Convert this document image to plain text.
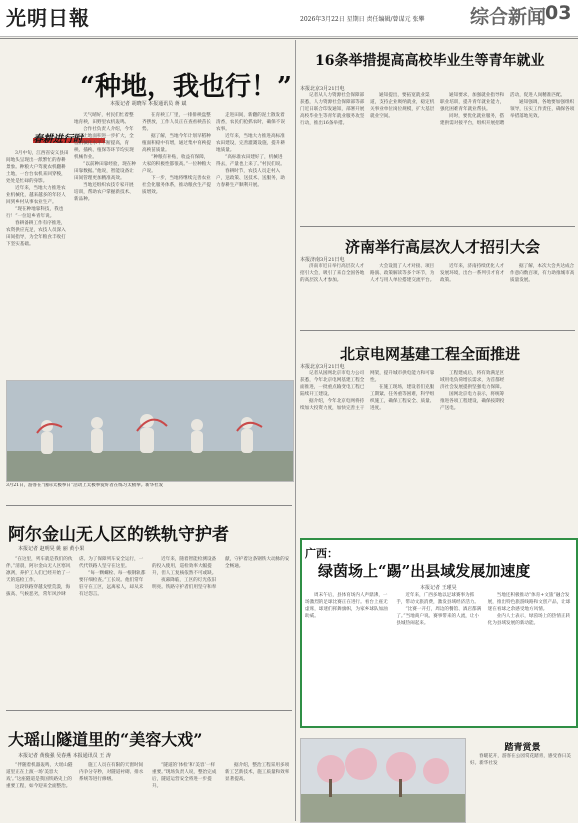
光明日報	2026年3月22日 星期日 责任编辑/曾谋元 张攀 综合新闻
03
“种地，我也行！”
本报记者 胡晓军 本报通讯员 蒋 斌
春耕进行时

3月中旬，江西省安义县田间地头呈现出一派繁忙的春耕景象。种粮大户驾驶农机翻耕土地，一台台农机来回穿梭，处处是忙碌的身影。

近年来，当地大力推进农业机械化，越来越多的年轻人回到乡村从事农业生产。

“现在种地靠科技，我也行！”一位返乡青年说。

春耕备耕工作有序推进，农资供应充足，农技人员深入田间指导，为全年粮食丰收打下坚实基础。

天气晴好，村民们忙着整地育秧，田野里农机轰鸣。

合作社负责人介绍，今年流转土地面积进一步扩大，全程机械化水平不断提高，育秧、插秧、植保等环节均实现机械作业。

“以前种田靠经验，现在种田靠数据。”他说，智能设备让田间管理更加精准高效。

当地还组织农技专家开展培训，帮助农户掌握新技术、新品种。

在育秧工厂里，一排排秧盘整齐摆放，工作人员正在查看秧苗长势。

据了解，当地今年计划早稻种植面积稳中有增，通过集中育秧提高秧苗质量。

“种粮有补贴，收益有保障，大家的积极性都很高。”一位种粮大户说。

下一步，当地将继续完善农业社会化服务体系，推动粮食生产提质增效。

走进田间，新翻的泥土散发着清香，农民们抢抓农时，确保不误农事。

近年来，当地大力推进高标准农田建设，完善灌溉设施，提升耕地质量。

“高标准农田建好了，机械进得去，产量也上来了。”村民们说。

春耕时节，农技人员走村入户，送政策、送技术、送服务，助力春耕生产顺利开展。

3月21日，游客在“国际太极拳日”活动上太极拳爱好者在练习太极拳。新华社发
阿尔金山无人区的铁轨守护者
本报记者 赵明昊 姚 丽 黄小果

“在这里，列车就是我们的伙伴。”清晨，阿尔金山无人区寒风凛冽，养护工人们已经开始了一天的巡检工作。

这段铁路穿越戈壁荒漠，海拔高、气候恶劣，常年风沙肆虐。为了保障列车安全运行，一代代铁路人坚守在这里。

“每一颗螺栓、每一根钢轨都要仔细检查。”工长说。他们常年驻守在工区，远离家人，却从未有过怨言。

近年来，随着智能检测设备的投入使用，巡检效率大幅提升，但人工复核依然不可或缺。

夜幕降临，工区的灯光依旧明亮。铁路守护者们用坚守和奉献，守护着这条钢铁大动脉的安全畅通。

大瑶山隧道里的“美容大戏”
本报记者 黄俊强 吴春燕 本报通讯员 王 涛

“伴随着机器轰鸣，大瑶山隧道里正在上演一场‘美容大戏’。”这座隧道是我国铁路史上的重要工程，如今迎来全面整治。

施工人员在有限的天窗时间内争分夺秒，对隧道衬砌、排水系统等进行修缮。

“隧道的‘体检’和‘美容’一样重要。”现场负责人说，整治完成后，隧道运营安全将进一步提升。

据介绍，整治工程采用多项新工艺新技术，施工质量和效率显著提高。

16条举措提高高校毕业生等青年就业
本报北京3月21日电

记者从人力资源社会保障部获悉，人力资源社会保障部等部门近日联合印发通知，部署开展高校毕业生等青年就业服务攻坚行动，推出16条举措。

通知提出，要拓宽就业渠道，支持企业吸纳就业，稳定机关事业单位岗位规模，扩大基层就业空间。

通知要求，加强就业指导和职业培训，提升青年就业能力，强化困难青年就业帮扶。

同时，要优化就业服务，搭建供需对接平台，组织开展招聘活动，促进人岗精准匹配。

通知强调，各地要加强组织领导，压实工作责任，确保各项举措落地见效。

济南举行高层次人才招引大会
本报济南3月21日电

济南市近日举行高层次人才招引大会，吸引了来自全国各地的高层次人才参加。

大会设置了人才对接、项目路演、政策解读等多个环节，为人才与用人单位搭建交流平台。

近年来，济南持续优化人才发展环境，出台一系列引才育才政策。

据了解，本次大会共达成合作意向数百项，有力助推城市高质量发展。

北京电网基建工程全面推进
本报北京3月21日电

记者从国网北京市电力公司获悉，今年北京电网基建工程全面推进，一批重点输变电工程已陆续开工建设。

据介绍，今年北京电网将持续加大投资力度，加快完善主干网架，提升城市供电能力和可靠性。

在施工现场，建设者们克服工期紧、任务重等困难，科学组织施工，确保工程安全、质量、进度。

工程建成后，将有效满足区域用电负荷增长需求，为首都经济社会发展提供坚强电力保障。

国网北京电力表示，将统筹推进各项工程建设，确保按期投产送电。

广西：
绿茵场上“踢”出县域发展加速度
本报记者 王瑾昊

周末午后，县体育场内人声鼎沸，一场激烈的足球比赛正在进行。看台上座无虚席，球迷们挥舞旗帜，为家乡球队加油助威。

近年来，广西多地以足球赛事为抓手，带动文旅消费，激发县域经济活力。

“比赛一开打，周边的餐馆、酒店都满了。”当地商户说。赛事带来的人流，让小县城热闹起来。

当地还积极推动“体育+文旅”融合发展，推出特色旅游线路和文创产品，让球迷在看球之余感受地方风情。

业内人士表示，绿茵场上的热情正转化为县域发展的新动能。

踏青赏景

春暖花开，游客在公园赏花踏青，感受春日美好。新华社发
